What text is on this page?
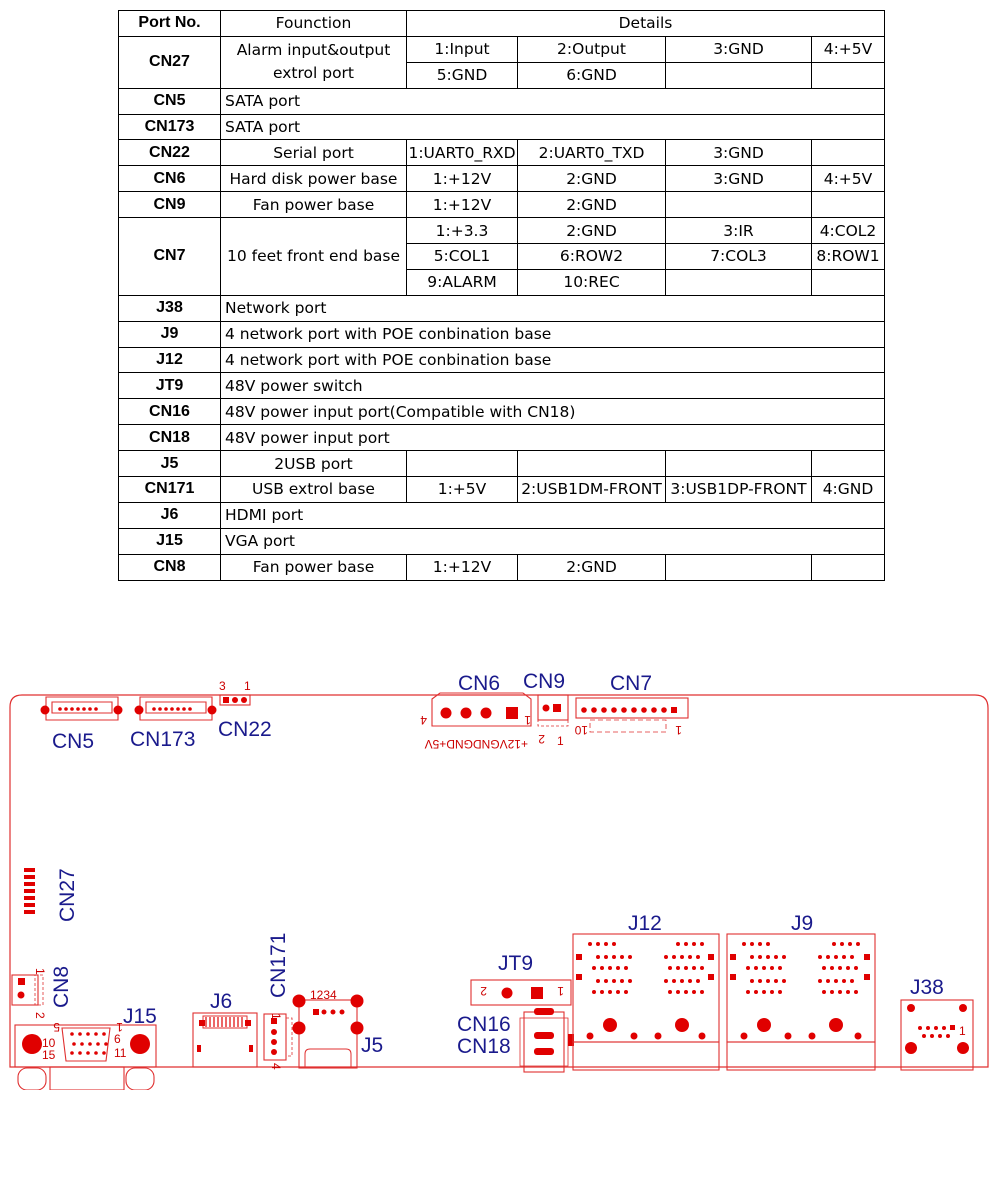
Port No.	Founction	Details			
CN27	Alarm input&output extrol port	1:Input	2:Output	3:GND	4:+5V
		5:GND	6:GND		
CN5	SATA port				
CN173	SATA port				
CN22	Serial port	1:UART0_RXD	2:UART0_TXD	3:GND	
CN6	Hard disk power base	1:+12V	2:GND	3:GND	4:+5V
CN9	Fan power base	1:+12V	2:GND		
CN7	10 feet front end base	1:+3.3	2:GND	3:IR	4:COL2
		5:COL1	6:ROW2	7:COL3	8:ROW1
		9:ALARM	10:REC		
J38	Network port				
J9	4 network port with POE conbination base				
J12	4 network port with POE conbination base				
JT9	48V power switch				
CN16	48V power input port(Compatible with CN18)				
CN18	48V power input port				
J5	2USB port				
CN171	USB extrol base	1:+5V	2:USB1DM-FRONT	3:USB1DP-FRONT	4:GND
J6	HDMI port				
J15	VGA port				
CN8	Fan power base	1:+12V	2:GND		
CN5 CN173
3 1
CN22
CN6
4	1
+12VGNDGND+5V
CN9
2 1
CN7
10	1
CN27
1
2
CN8
J15
5	1
10	6
15	11
J6
CN171
1
4
1234
J5
JT9
2	1
CN16
CN18
J12	J9
J38
1
